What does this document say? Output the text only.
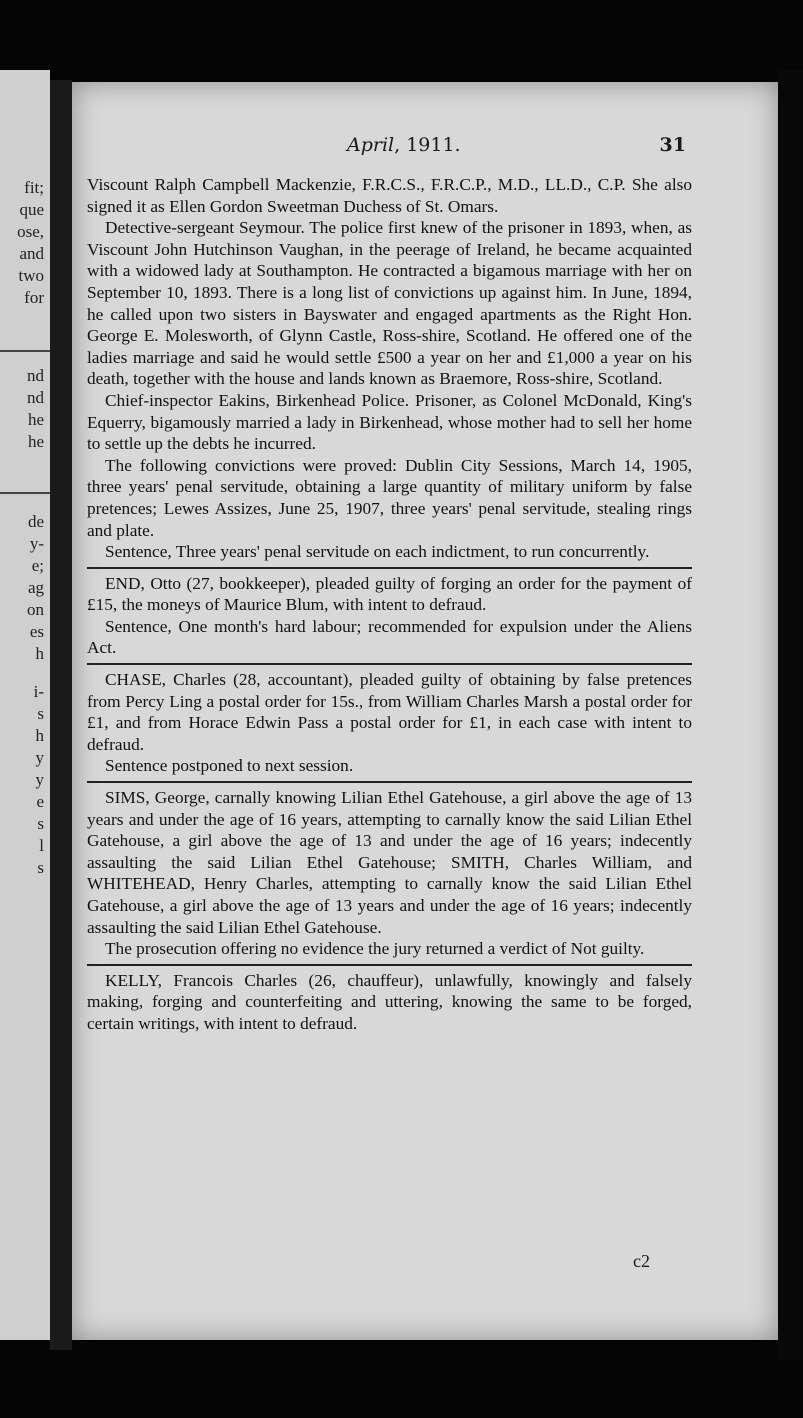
fit;
que
ose,
and
two
for
nd
nd
he
he
de
y-
e;
ag
on
es
h
i-
s
h
y
y
e
s
l
s
April, 1911.	31

Viscount Ralph Campbell Mackenzie, F.R.C.S., F.R.C.P., M.D., LL.D., C.P. She also signed it as Ellen Gordon Sweetman Duchess of St. Omars.

Detective-sergeant Seymour. The police first knew of the prisoner in 1893, when, as Viscount John Hutchinson Vaughan, in the peerage of Ireland, he became acquainted with a widowed lady at Southampton. He contracted a bigamous marriage with her on September 10, 1893. There is a long list of convictions up against him. In June, 1894, he called upon two sisters in Bayswater and engaged apartments as the Right Hon. George E. Molesworth, of Glynn Castle, Ross-shire, Scotland. He offered one of the ladies marriage and said he would settle £500 a year on her and £1,000 a year on his death, together with the house and lands known as Braemore, Ross-shire, Scotland.

Chief-inspector Eakins, Birkenhead Police. Prisoner, as Colonel McDonald, King's Equerry, bigamously married a lady in Birkenhead, whose mother had to sell her home to settle up the debts he incurred.

The following convictions were proved: Dublin City Sessions, March 14, 1905, three years' penal servitude, obtaining a large quantity of military uniform by false pretences; Lewes Assizes, June 25, 1907, three years' penal servitude, stealing rings and plate.

Sentence, Three years' penal servitude on each indictment, to run concurrently.

END, Otto (27, bookkeeper), pleaded guilty of forging an order for the payment of £15, the moneys of Maurice Blum, with intent to defraud.

Sentence, One month's hard labour; recommended for expulsion under the Aliens Act.

CHASE, Charles (28, accountant), pleaded guilty of obtaining by false pretences from Percy Ling a postal order for 15s., from William Charles Marsh a postal order for £1, and from Horace Edwin Pass a postal order for £1, in each case with intent to defraud.

Sentence postponed to next session.

SIMS, George, carnally knowing Lilian Ethel Gatehouse, a girl above the age of 13 years and under the age of 16 years, attempting to carnally know the said Lilian Ethel Gatehouse, a girl above the age of 13 and under the age of 16 years; indecently assaulting the said Lilian Ethel Gatehouse; SMITH, Charles William, and WHITEHEAD, Henry Charles, attempting to carnally know the said Lilian Ethel Gatehouse, a girl above the age of 13 years and under the age of 16 years; indecently assaulting the said Lilian Ethel Gatehouse.

The prosecution offering no evidence the jury returned a verdict of Not guilty.

KELLY, Francois Charles (26, chauffeur), unlawfully, knowingly and falsely making, forging and counterfeiting and uttering, knowing the same to be forged, certain writings, with intent to defraud.

c2
